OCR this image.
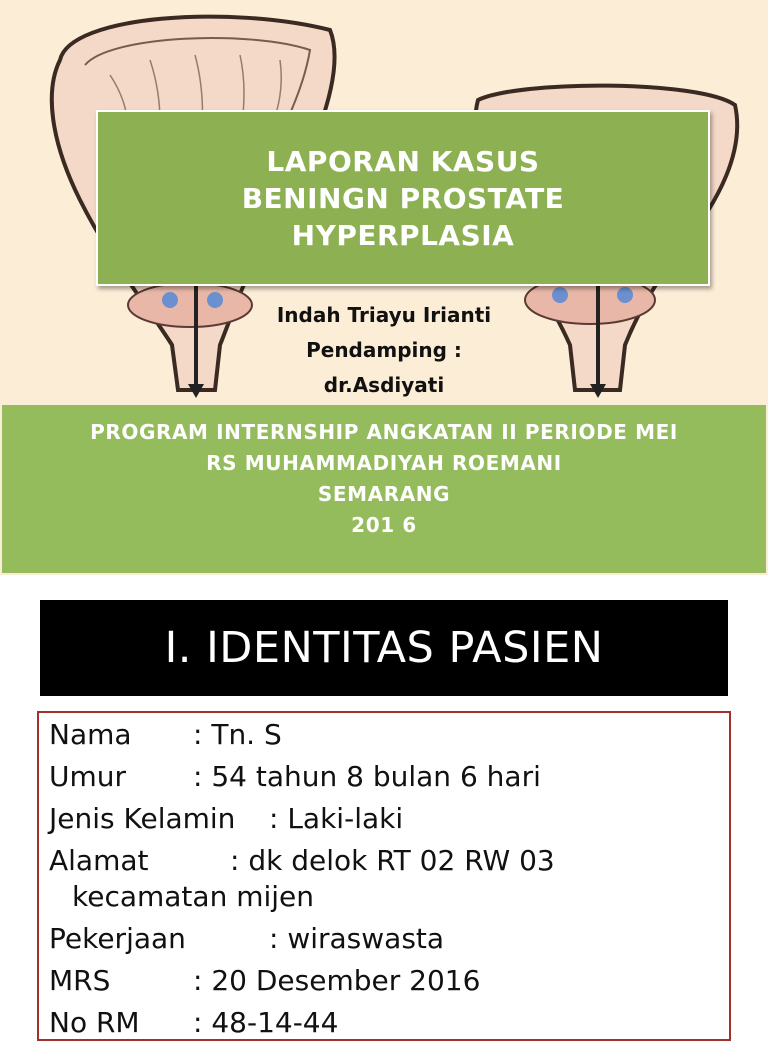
LAPORAN KASUS
BENINGN PROSTATE
HYPERPLASIA
Indah Triayu Irianti
Pendamping :
dr.Asdiyati
PROGRAM INTERNSHIP ANGKATAN II PERIODE MEI
RS MUHAMMADIYAH ROEMANI
SEMARANG
201 6
I. IDENTITAS PASIEN
Nama : Tn. S
Umur : 54 tahun 8 bulan 6 hari
Jenis Kelamin : Laki-laki
Alamat	: dk delok RT 02 RW 03
kecamatan mijen
Pekerjaan	: wiraswasta
MRS	: 20 Desember 2016
No RM : 48-14-44
